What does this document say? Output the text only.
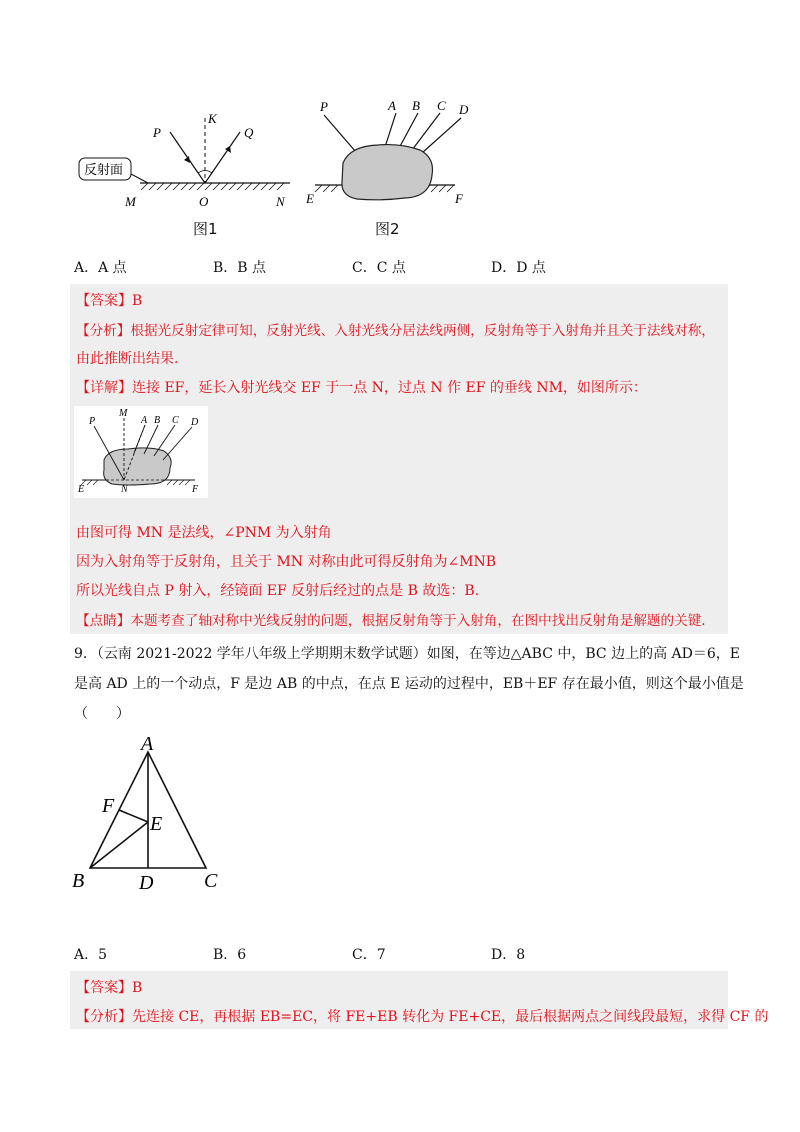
反射面
P
K
Q
O
M	N
图1
P	A B C D
E	F
图2
A．A 点	B．B 点	C．C 点	D．D 点
【答案】B
【分析】根据光反射定律可知，反射光线、入射光线分居法线两侧，反射角等于入射角并且关于法线对称，
由此推断出结果.
【详解】连接 EF，延长入射光线交 EF 于一点 N，过点 N 作 EF 的垂线 NM，如图所示：
P
M
A B C D
E	N	F
由图可得 MN 是法线，∠PNM 为入射角
因为入射角等于反射角，且关于 MN 对称由此可得反射角为∠MNB
所以光线自点 P 射入，经镜面 EF 反射后经过的点是 B 故选：B.
【点睛】本题考查了轴对称中光线反射的问题，根据反射角等于入射角，在图中找出反射角是解题的关键.
9．（云南 2021-2022 学年八年级上学期期末数学试题）如图，在等边△ABC 中，BC 边上的高 AD＝6，E
是高 AD 上的一个动点，F 是边 AB 的中点，在点 E 运动的过程中，EB＋EF 存在最小值，则这个最小值是
（　　）
A
B	C
D
E
F
A．5	B．6	C．7	D．8
【答案】B
【分析】先连接 CE，再根据 EB=EC，将 FE+EB 转化为 FE+CE，最后根据两点之间线段最短，求得 CF 的
